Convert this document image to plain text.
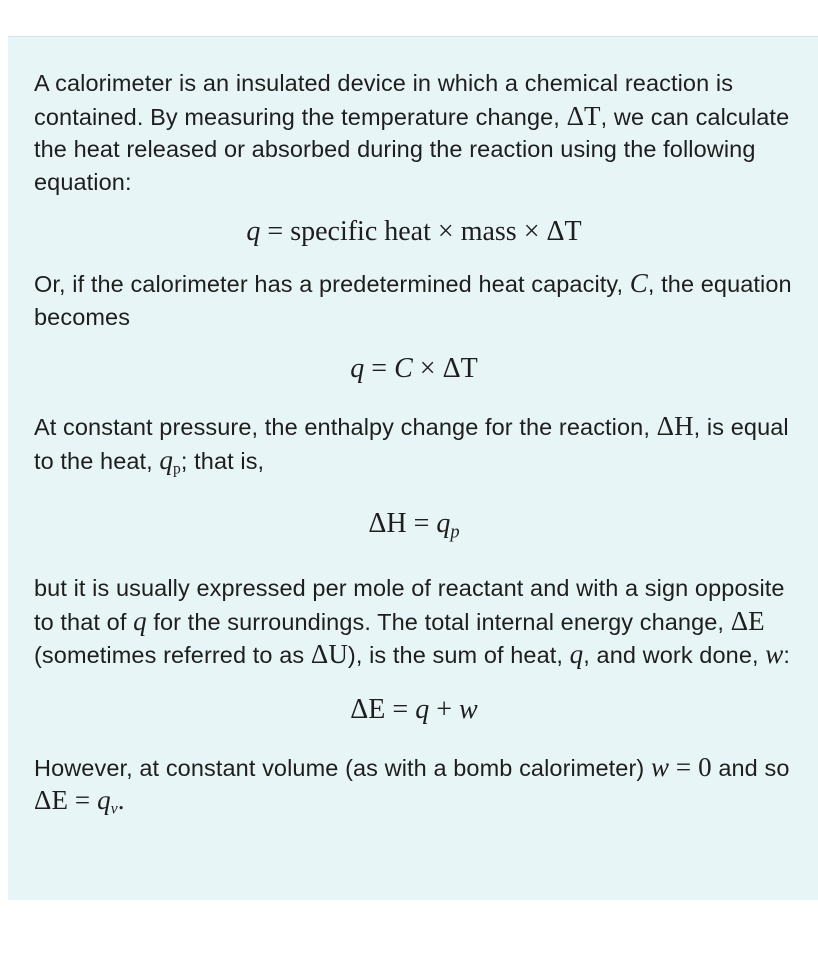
A calorimeter is an insulated device in which a chemical reaction is contained. By measuring the temperature change, ΔT, we can calculate the heat released or absorbed during the reaction using the following equation:

q = specific heat × mass × ΔT

Or, if the calorimeter has a predetermined heat capacity, C, the equation becomes

q = C × ΔT

At constant pressure, the enthalpy change for the reaction, ΔH, is equal to the heat, $q_p$; that is,

$\Delta H = q_p$

but it is usually expressed per mole of reactant and with a sign opposite to that of q for the surroundings. The total internal energy change, ΔE (sometimes referred to as ΔU), is the sum of heat, q, and work done, w:

ΔE = q + w

However, at constant volume (as with a bomb calorimeter) w = 0 and so $\Delta E = q_v$.
